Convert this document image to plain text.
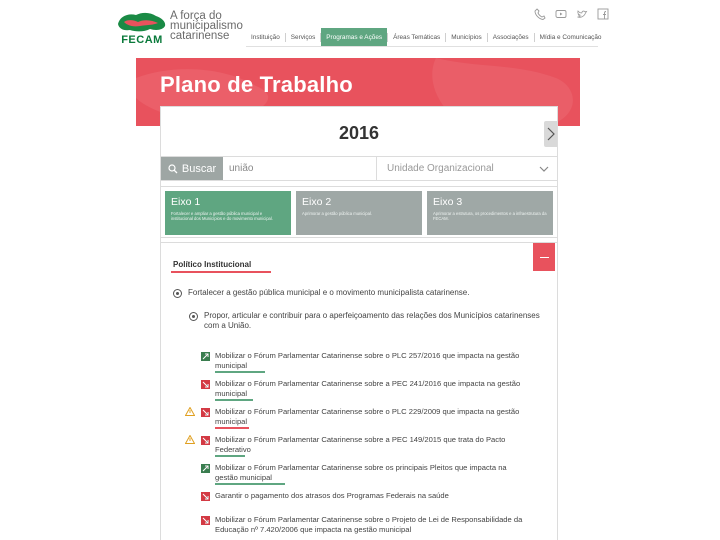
FECAM
A força do municipalismo catarinense	Instituição	Serviços	Programas e Ações	Áreas Temáticas	Municípios	Associações	Mídia e Comunicação
Plano de Trabalho
2016
Buscar
união	Unidade Organizacional
Eixo 1
Fortalecer e ampliar a gestão pública municipal e institucional dos Municípios e do movimento municipal.
Eixo 2
Aprimorar a gestão pública municipal.
Eixo 3
Aprimorar a estrutura, os procedimentos e a infraestrutura da FECAM.
Político Institucional
Fortalecer a gestão pública municipal e o movimento municipalista catarinense.
Propor, articular e contribuir para o aperfeiçoamento das relações dos Municípios catarinenses com a União.
Mobilizar o Fórum Parlamentar Catarinense sobre o PLC 257/2016 que impacta na gestão municipal
Mobilizar o Fórum Parlamentar Catarinense sobre a PEC 241/2016 que impacta na gestão municipal
Mobilizar o Fórum Parlamentar Catarinense sobre o PLC 229/2009 que impacta na gestão municipal
Mobilizar o Fórum Parlamentar Catarinense sobre a PEC 149/2015 que trata do Pacto Federativo
Mobilizar o Fórum Parlamentar Catarinense sobre os principais Pleitos que impacta na gestão municipal
Garantir o pagamento dos atrasos dos Programas Federais na saúde
Mobilizar o Fórum Parlamentar Catarinense sobre o Projeto de Lei de Responsabilidade da Educação nº 7.420/2006 que impacta na gestão municipal
